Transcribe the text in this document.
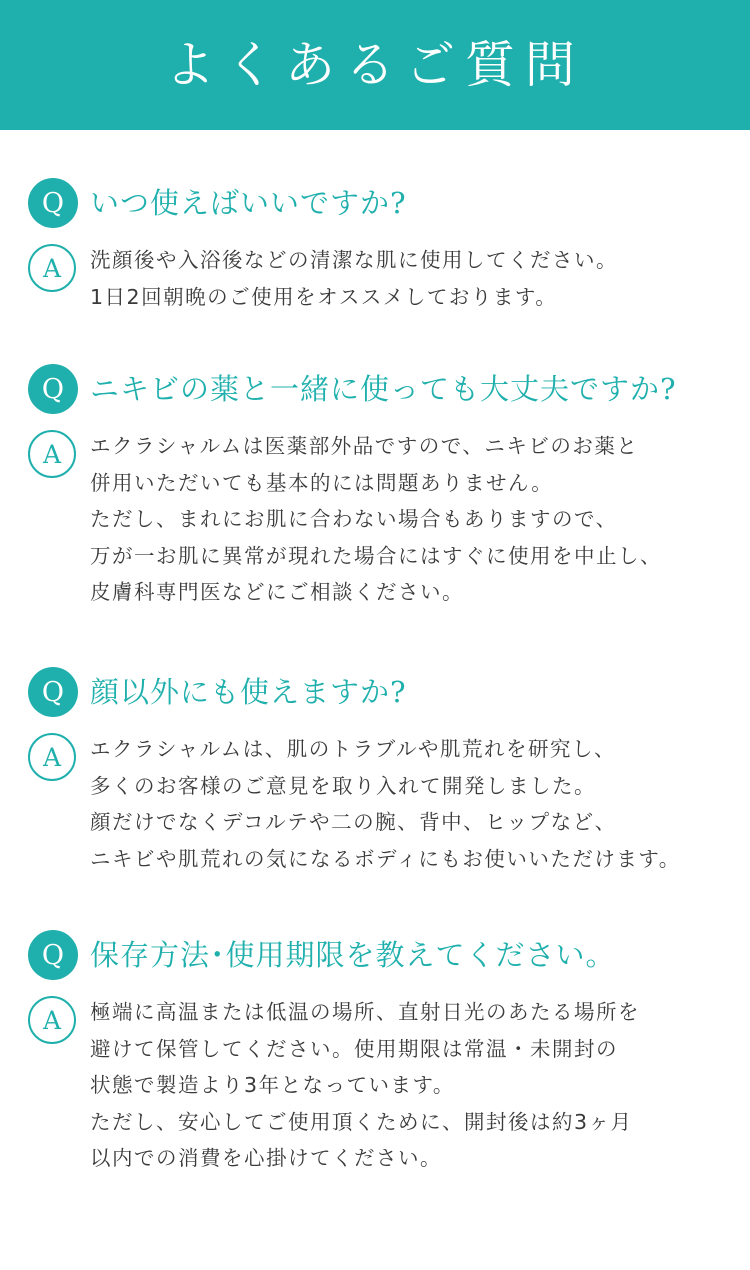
よくあるご質問
Q いつ使えばいいですか?
A	洗顔後や入浴後などの清潔な肌に使用してください。
1日2回朝晩のご使用をオススメしております。
Q ニキビの薬と一緒に使っても大丈夫ですか?
A	エクラシャルムは医薬部外品ですので、ニキビのお薬と
併用いただいても基本的には問題ありません。
ただし、まれにお肌に合わない場合もありますので、
万が一お肌に異常が現れた場合にはすぐに使用を中止し、
皮膚科専門医などにご相談ください。
Q 顔以外にも使えますか?
A	エクラシャルムは、肌のトラブルや肌荒れを研究し、
多くのお客様のご意見を取り入れて開発しました。
顔だけでなくデコルテや二の腕、背中、ヒップなど、
ニキビや肌荒れの気になるボディにもお使いいただけます。
Q 保存方法･使用期限を教えてください。
A	極端に高温または低温の場所、直射日光のあたる場所を
避けて保管してください。使用期限は常温・未開封の
状態で製造より3年となっています。
ただし、安心してご使用頂くために、開封後は約3ヶ月
以内での消費を心掛けてください。
